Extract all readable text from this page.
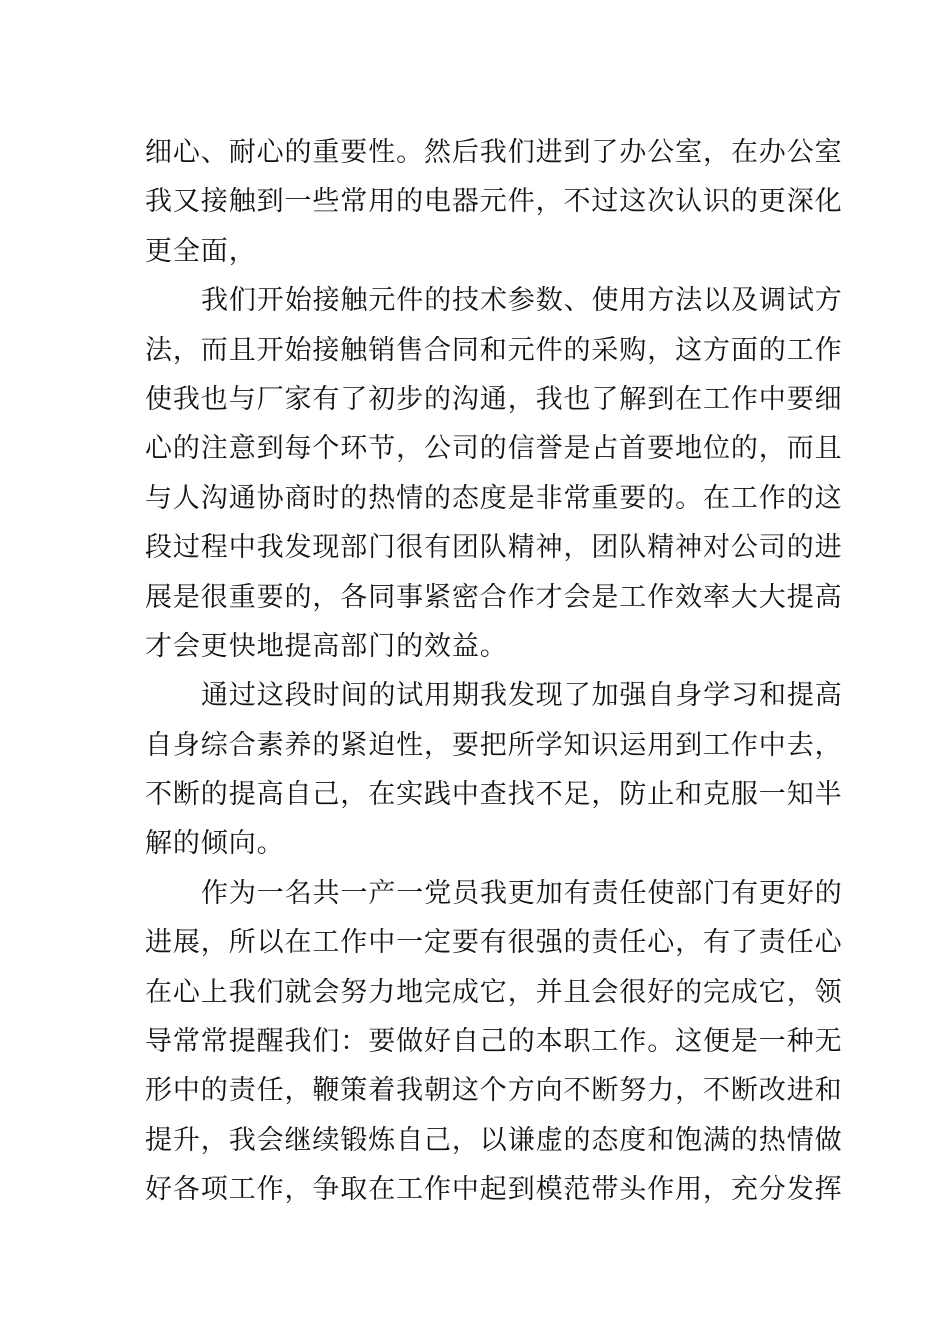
细心、耐心的重要性。然后我们进到了办公室，在办公室
我又接触到一些常用的电器元件，不过这次认识的更深化
更全面，
我们开始接触元件的技术参数、使用方法以及调试方
法，而且开始接触销售合同和元件的采购，这方面的工作
使我也与厂家有了初步的沟通，我也了解到在工作中要细
心的注意到每个环节，公司的信誉是占首要地位的，而且
与人沟通协商时的热情的态度是非常重要的。在工作的这
段过程中我发现部门很有团队精神，团队精神对公司的进
展是很重要的，各同事紧密合作才会是工作效率大大提高
才会更快地提高部门的效益。
通过这段时间的试用期我发现了加强自身学习和提高
自身综合素养的紧迫性，要把所学知识运用到工作中去，
不断的提高自己，在实践中查找不足，防止和克服一知半
解的倾向。
作为一名共一产一党员我更加有责任使部门有更好的
进展，所以在工作中一定要有很强的责任心，有了责任心
在心上我们就会努力地完成它，并且会很好的完成它，领
导常常提醒我们：要做好自己的本职工作。这便是一种无
形中的责任，鞭策着我朝这个方向不断努力，不断改进和
提升，我会继续锻炼自己，以谦虚的态度和饱满的热情做
好各项工作，争取在工作中起到模范带头作用，充分发挥
